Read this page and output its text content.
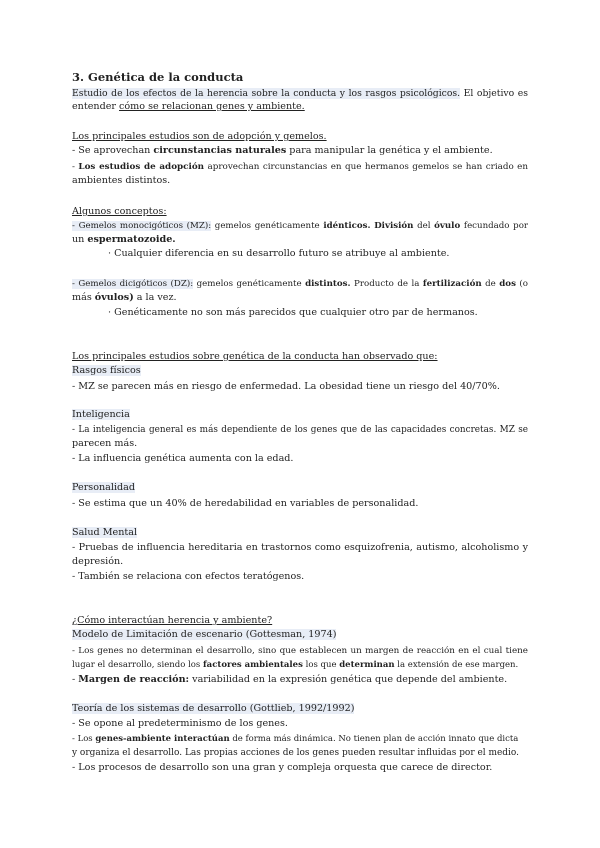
3. Genética de la conducta
Estudio de los efectos de la herencia sobre la conducta y los rasgos psicológicos. El objetivo es
entender cómo se relacionan genes y ambiente.
Los principales estudios son de adopción y gemelos.
- Se aprovechan circunstancias naturales para manipular la genética y el ambiente.
- Los estudios de adopción aprovechan circunstancias en que hermanos gemelos se han criado en
ambientes distintos.
Algunos conceptos:
- Gemelos monocigóticos (MZ): gemelos genéticamente idénticos. División del óvulo fecundado por
un espermatozoide.
· Cualquier diferencia en su desarrollo futuro se atribuye al ambiente.
- Gemelos dicigóticos (DZ): gemelos genéticamente distintos. Producto de la fertilización de dos (o
más óvulos) a la vez.
· Genéticamente no son más parecidos que cualquier otro par de hermanos.
Los principales estudios sobre genética de la conducta han observado que:
Rasgos físicos
- MZ se parecen más en riesgo de enfermedad. La obesidad tiene un riesgo del 40/70%.
Inteligencia
- La inteligencia general es más dependiente de los genes que de las capacidades concretas. MZ se
parecen más.
- La influencia genética aumenta con la edad.
Personalidad
- Se estima que un 40% de heredabilidad en variables de personalidad.
Salud Mental
- Pruebas de influencia hereditaria en trastornos como esquizofrenia, autismo, alcoholismo y
depresión.
- También se relaciona con efectos teratógenos.
¿Cómo interactúan herencia y ambiente?
Modelo de Limitación de escenario (Gottesman, 1974)
- Los genes no determinan el desarrollo, sino que establecen un margen de reacción en el cual tiene
lugar el desarrollo, siendo los factores ambientales los que determinan la extensión de ese margen.
- Margen de reacción: variabilidad en la expresión genética que depende del ambiente.
Teoría de los sistemas de desarrollo (Gottlieb, 1992/1992)
- Se opone al predeterminismo de los genes.
- Los genes-ambiente interactúan de forma más dinámica. No tienen plan de acción innato que dicta
y organiza el desarrollo. Las propias acciones de los genes pueden resultar influidas por el medio.
- Los procesos de desarrollo son una gran y compleja orquesta que carece de director.
